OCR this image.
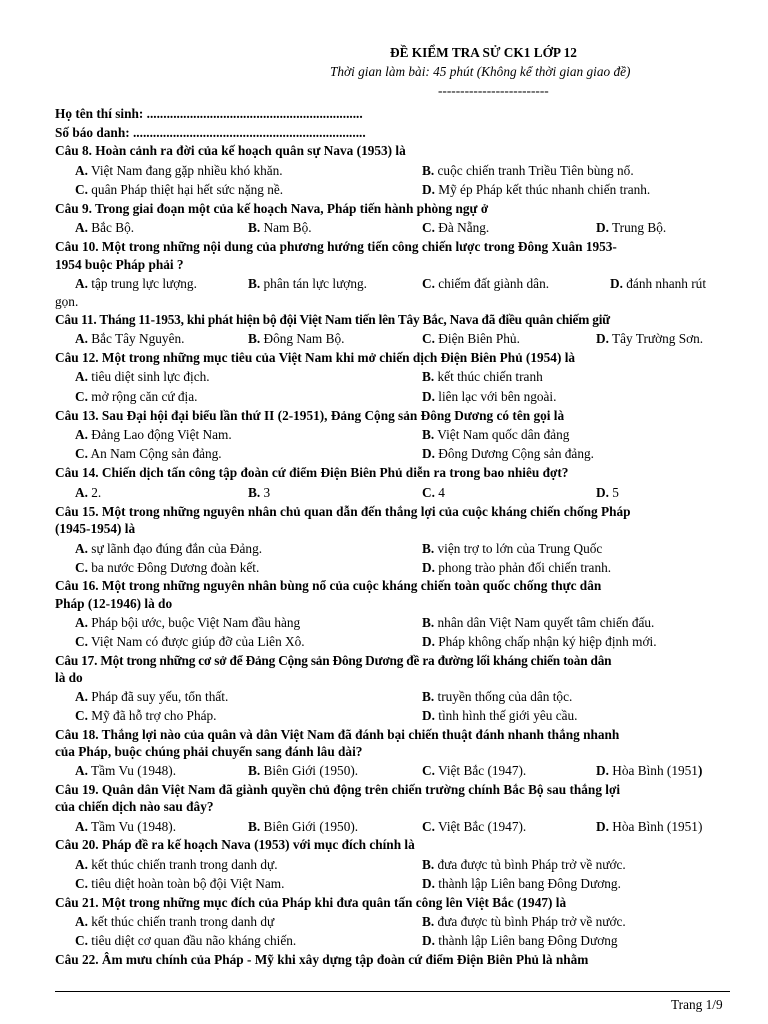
ĐỀ KIỂM TRA SỬ CK1 LỚP 12
Thời gian làm bài: 45 phút (Không kể thời gian giao đề)
-------------------------
Họ tên thí sinh: .................................................................
Số báo danh: ......................................................................
Câu 8. Hoàn cảnh ra đời của kế hoạch quân sự Nava (1953) là
A. Việt Nam đang gặp nhiều khó khăn.	B. cuộc chiến tranh Triều Tiên bùng nổ.
C. quân Pháp thiệt hại hết sức nặng nề.	D. Mỹ ép Pháp kết thúc nhanh chiến tranh.
Câu 9. Trong giai đoạn một của kế hoạch Nava, Pháp tiến hành phòng ngự ở
A. Bắc Bộ.	B. Nam Bộ.	C. Đà Nẵng.	D. Trung Bộ.
Câu 10. Một trong những nội dung của phương hướng tiến công chiến lược trong Đông Xuân 1953-
1954 buộc Pháp phải ?
A. tập trung lực lượng.	B. phân tán lực lượng.	C. chiếm đất giành dân.	D. đánh nhanh rút
gọn.
Câu 11. Tháng 11-1953, khi phát hiện bộ đội Việt Nam tiến lên Tây Bắc, Nava đã điều quân chiếm giữ
A. Bắc Tây Nguyên.	B. Đông Nam Bộ.	C. Điện Biên Phủ.	D. Tây Trường Sơn.
Câu 12. Một trong những mục tiêu của Việt Nam khi mở chiến dịch Điện Biên Phủ (1954) là
A. tiêu diệt sinh lực địch.	B. kết thúc chiến tranh
C. mở rộng căn cứ địa.	D. liên lạc với bên ngoài.
Câu 13. Sau Đại hội đại biểu lần thứ II (2-1951), Đảng Cộng sản Đông Dương có tên gọi là
A. Đảng Lao động Việt Nam.	B. Việt Nam quốc dân đảng
C. An Nam Cộng sản đảng.	D. Đông Dương Cộng sản đảng.
Câu 14. Chiến dịch tấn công tập đoàn cứ điểm Điện Biên Phủ diễn ra trong bao nhiêu đợt?
A. 2.	B. 3	C. 4	D. 5
Câu 15. Một trong những nguyên nhân chủ quan dẫn đến thắng lợi của cuộc kháng chiến chống Pháp
(1945-1954) là
A. sự lãnh đạo đúng đắn của Đảng.	B. viện trợ to lớn của Trung Quốc
C. ba nước Đông Dương đoàn kết.	D. phong trào phản đối chiến tranh.
Câu 16. Một trong những nguyên nhân bùng nổ của cuộc kháng chiến toàn quốc chống thực dân
Pháp (12-1946) là do
A. Pháp bội ước, buộc Việt Nam đầu hàng	B. nhân dân Việt Nam quyết tâm chiến đấu.
C. Việt Nam có được giúp đỡ của Liên Xô.	D. Pháp không chấp nhận ký hiệp định mới.
Câu 17. Một trong những cơ sở để Đảng Cộng sản Đông Dương đề ra đường lối kháng chiến toàn dân
là do
A. Pháp đã suy yếu, tổn thất.	B. truyền thống của dân tộc.
C. Mỹ đã hỗ trợ cho Pháp.	D. tình hình thế giới yêu cầu.
Câu 18. Thắng lợi nào của quân và dân Việt Nam đã đánh bại chiến thuật đánh nhanh thắng nhanh
của Pháp, buộc chúng phải chuyển sang đánh lâu dài?
A. Tầm Vu (1948).	B. Biên Giới (1950).	C. Việt Bắc (1947).	D. Hòa Bình (1951)
Câu 19. Quân dân Việt Nam đã giành quyền chủ động trên chiến trường chính Bắc Bộ sau thắng lợi
của chiến dịch nào sau đây?
A. Tầm Vu (1948).	B. Biên Giới (1950).	C. Việt Bắc (1947).	D. Hòa Bình (1951)
Câu 20. Pháp đề ra kế hoạch Nava (1953) với mục đích chính là
A. kết thúc chiến tranh trong danh dự.	B. đưa được tủ bình Pháp trở về nước.
C. tiêu diệt hoàn toàn bộ đội Việt Nam.	D. thành lập Liên bang Đông Dương.
Câu 21. Một trong những mục đích của Pháp khi đưa quân tấn công lên Việt Bắc (1947) là
A. kết thúc chiến tranh trong danh dự	B. đưa được tù bình Pháp trở về nước.
C. tiêu diệt cơ quan đầu não kháng chiến.	D. thành lập Liên bang Đông Dương
Câu 22. Âm mưu chính của Pháp - Mỹ khi xây dựng tập đoàn cứ điểm Điện Biên Phủ là nhằm
Trang 1/9
